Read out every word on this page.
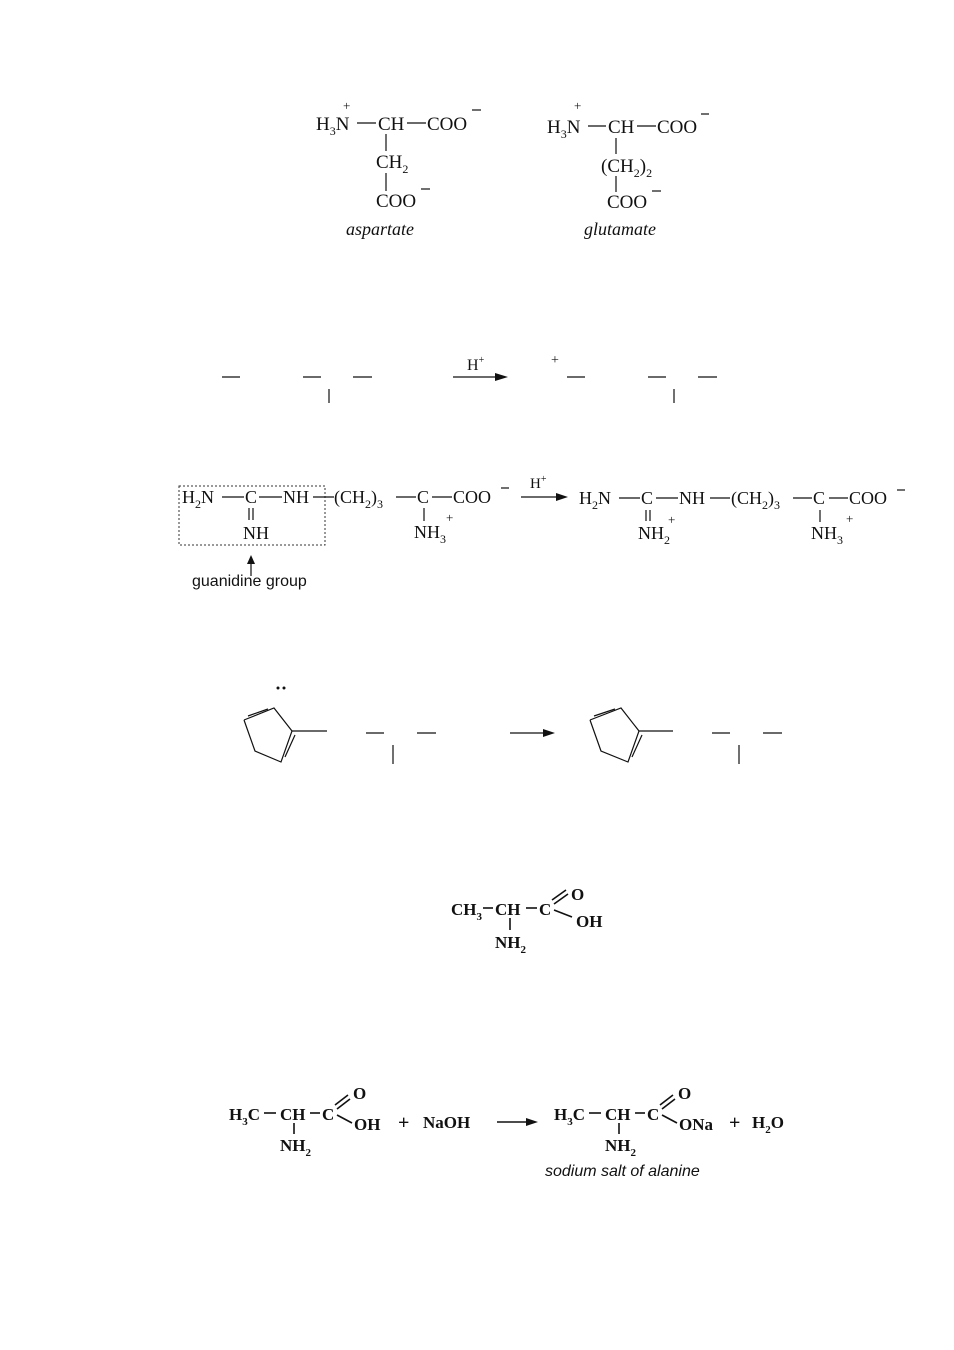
+
$H_3N$ CH COO
$CH_2$
COO
aspartate
+
$H_3N$ CH COO
$(CH_2)_2$
COO
glutamate
H+	+
$H_2N$ C NH $(CH_2)_3$ C COO
NH
+
$NH_3$
H+
$H_2N$ C NH $(CH_2)_3$ C COO
+
$NH_2$
+
$NH_3$
guanidine group
$CH_3$ CH C
O
OH
$NH_2$
$H_3C$ CH C
O
OH
$NH_2$
+ NaOH	$H_3C$ CH C
O
ONa
$NH_2$
+ $H_2O$
sodium salt of alanine
